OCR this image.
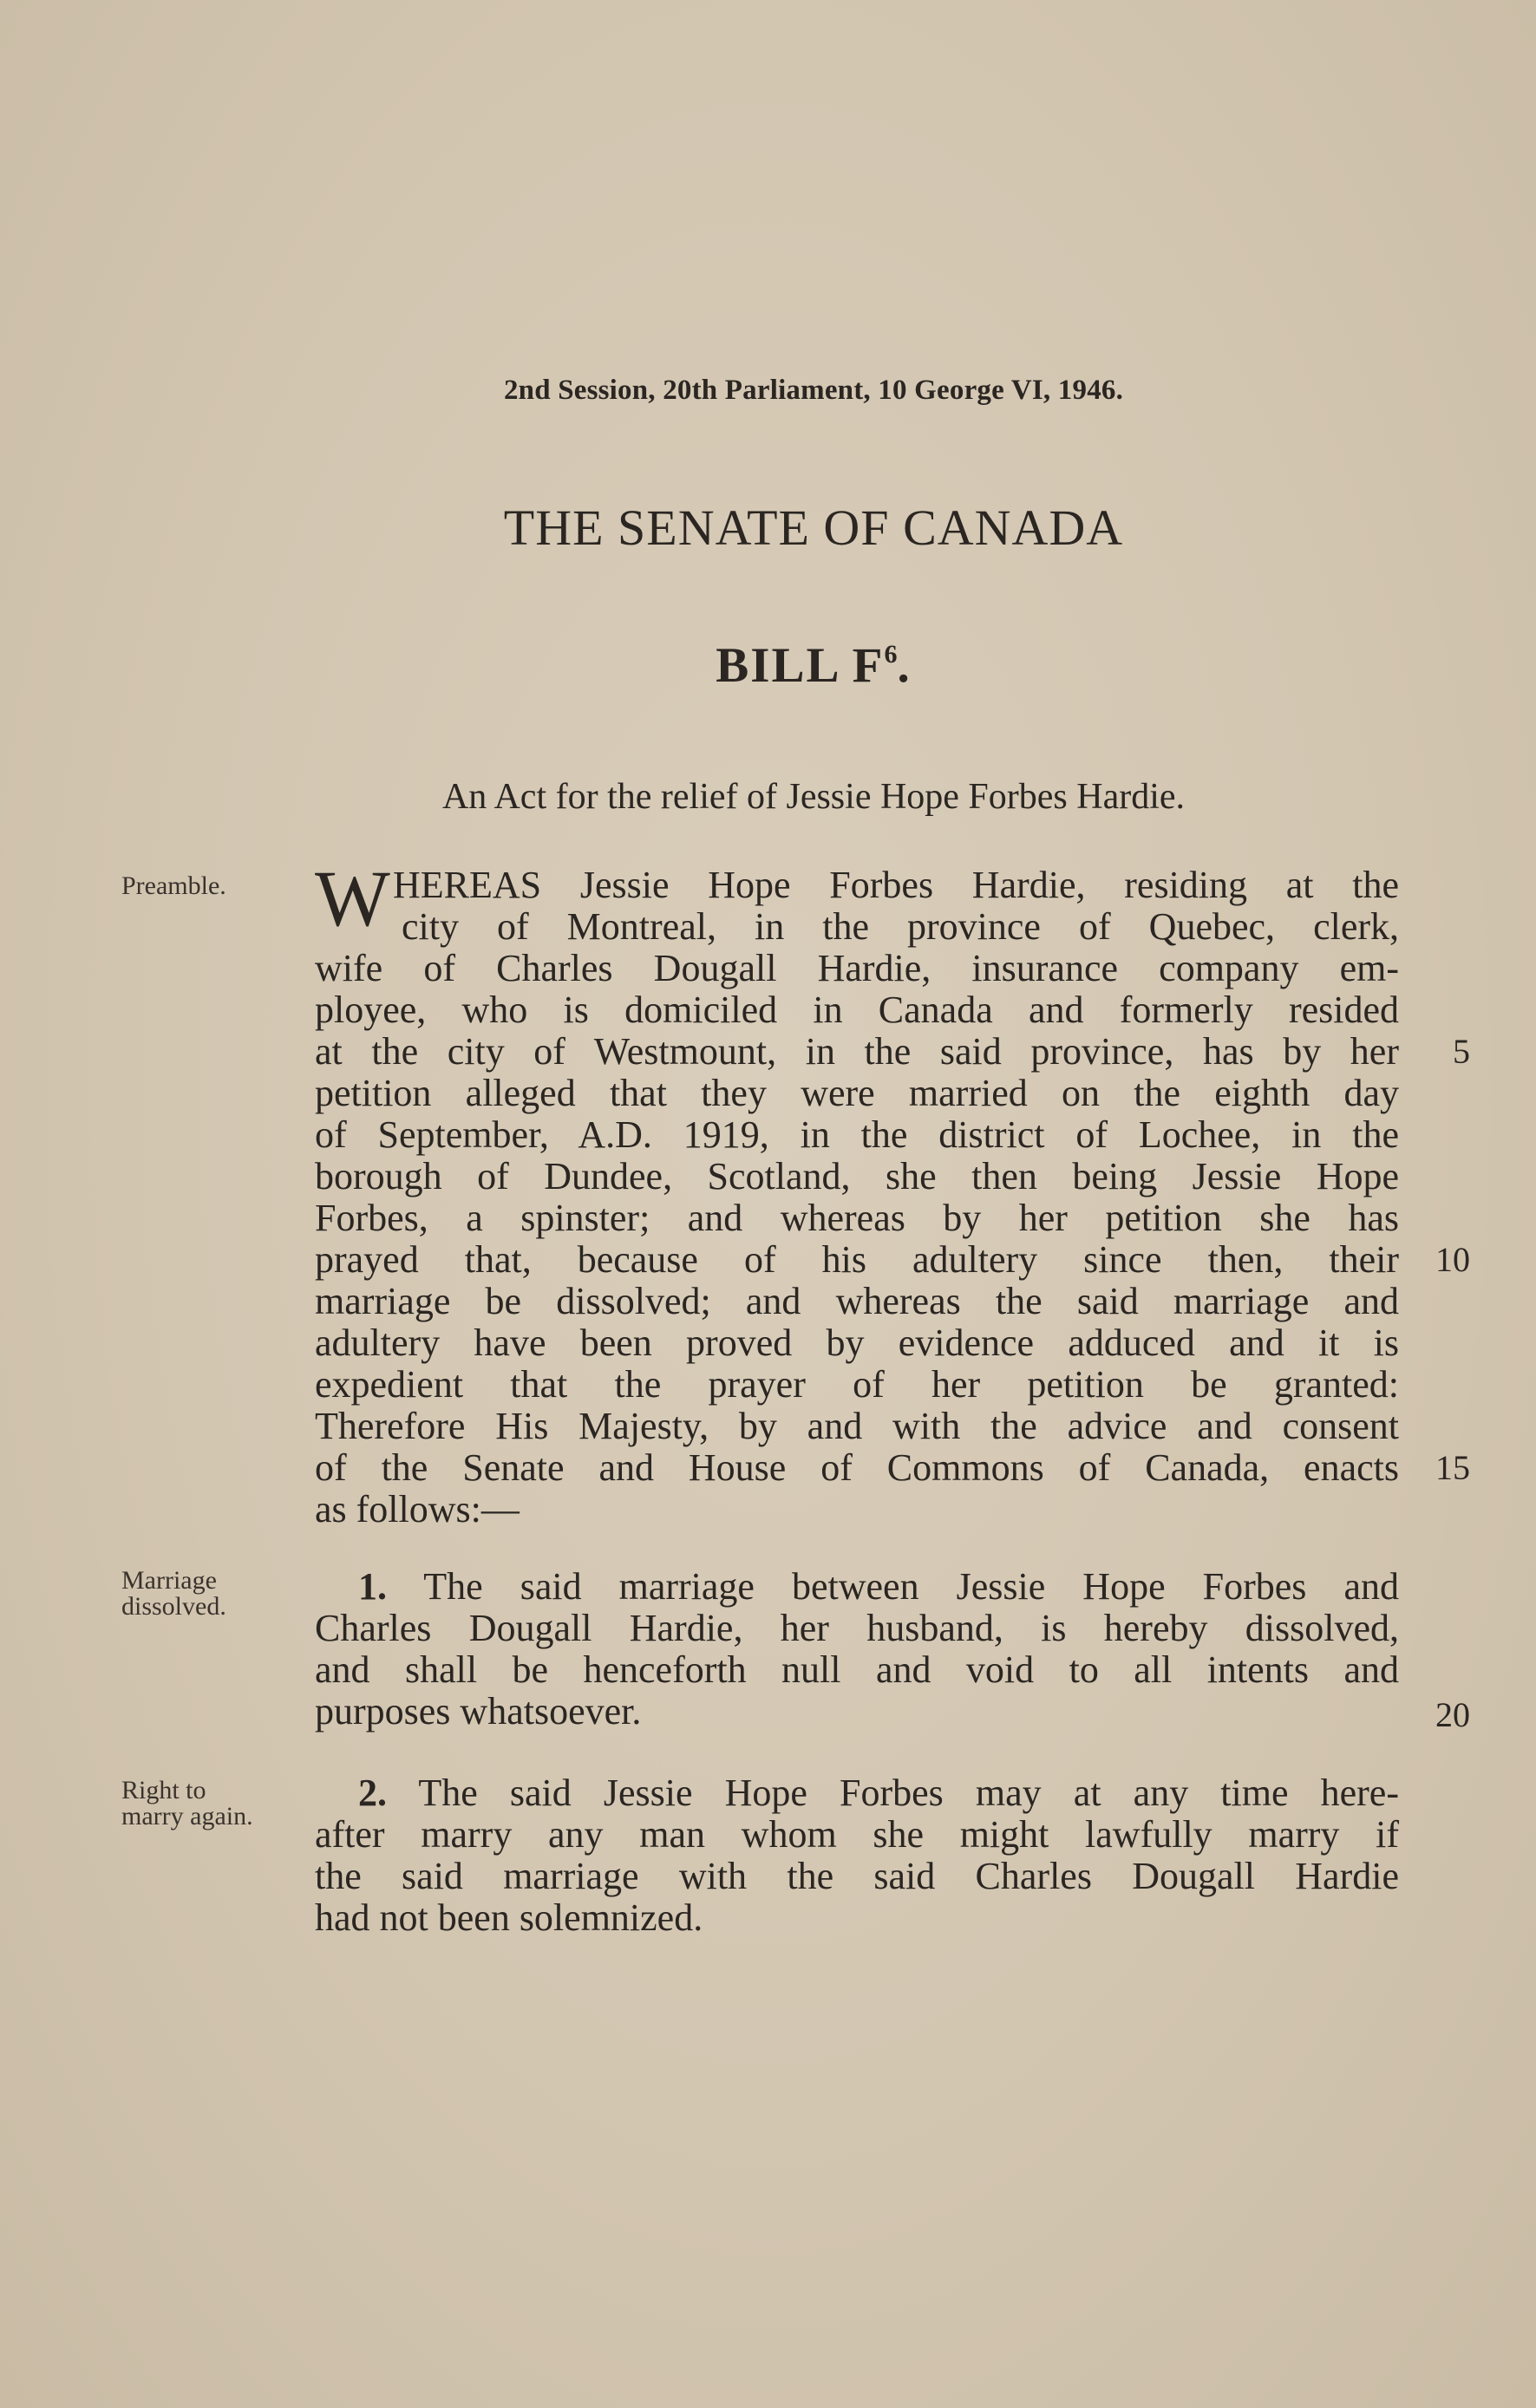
2nd Session, 20th Parliament, 10 George VI, 1946.
THE SENATE OF CANADA
BILL $F^6$.
An Act for the relief of Jessie Hope Forbes Hardie.
Preamble.
Marriage
dissolved.
Right to
marry again.
W HEREAS Jessie Hope Forbes Hardie, residing at the
city of Montreal, in the province of Quebec, clerk,
wife of Charles Dougall Hardie, insurance company em-
ployee, who is domiciled in Canada and formerly resided
at the city of Westmount, in the said province, has by her
petition alleged that they were married on the eighth day
of September, A.D. 1919, in the district of Lochee, in the
borough of Dundee, Scotland, she then being Jessie Hope
Forbes, a spinster; and whereas by her petition she has
prayed that, because of his adultery since then, their
marriage be dissolved; and whereas the said marriage and
adultery have been proved by evidence adduced and it is
expedient that the prayer of her petition be granted:
Therefore His Majesty, by and with the advice and consent
of the Senate and House of Commons of Canada, enacts
as follows:—
1. The said marriage between Jessie Hope Forbes and
Charles Dougall Hardie, her husband, is hereby dissolved,
and shall be henceforth null and void to all intents and
purposes whatsoever.
2. The said Jessie Hope Forbes may at any time here-
after marry any man whom she might lawfully marry if
the said marriage with the said Charles Dougall Hardie
had not been solemnized.
5
10
15
20
